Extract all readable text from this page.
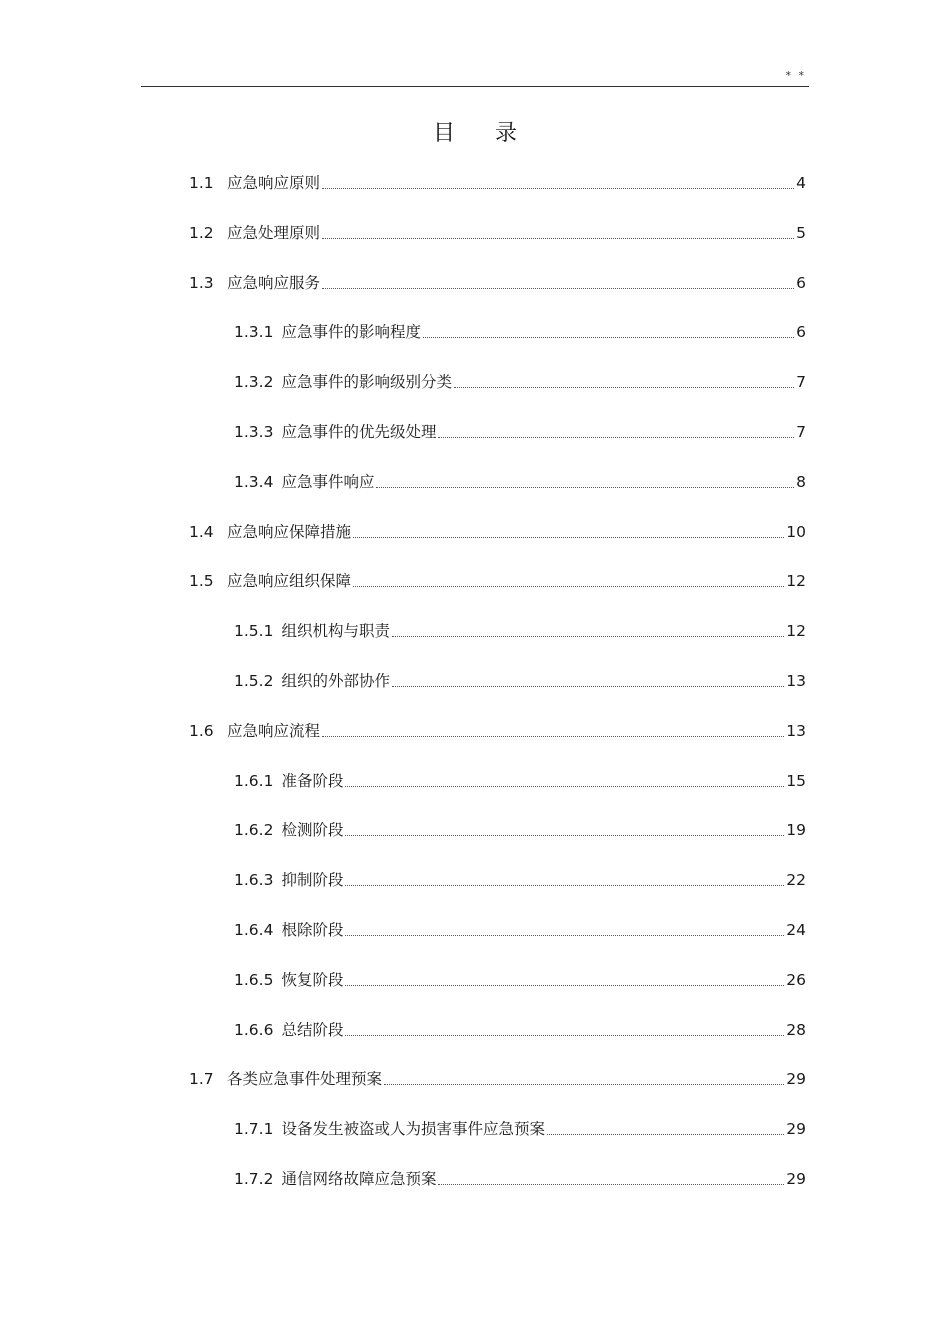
* *
目录
1.1 应急响应原则	4
1.2 应急处理原则	5
1.3 应急响应服务	6
1.3.1 应急事件的影响程度	6
1.3.2 应急事件的影响级别分类	7
1.3.3 应急事件的优先级处理	7
1.3.4 应急事件响应	8
1.4 应急响应保障措施	10
1.5 应急响应组织保障	12
1.5.1 组织机构与职责	12
1.5.2 组织的外部协作	13
1.6 应急响应流程	13
1.6.1 准备阶段	15
1.6.2 检测阶段	19
1.6.3 抑制阶段	22
1.6.4 根除阶段	24
1.6.5 恢复阶段	26
1.6.6 总结阶段	28
1.7 各类应急事件处理预案	29
1.7.1 设备发生被盗或人为损害事件应急预案	29
1.7.2 通信网络故障应急预案	29
